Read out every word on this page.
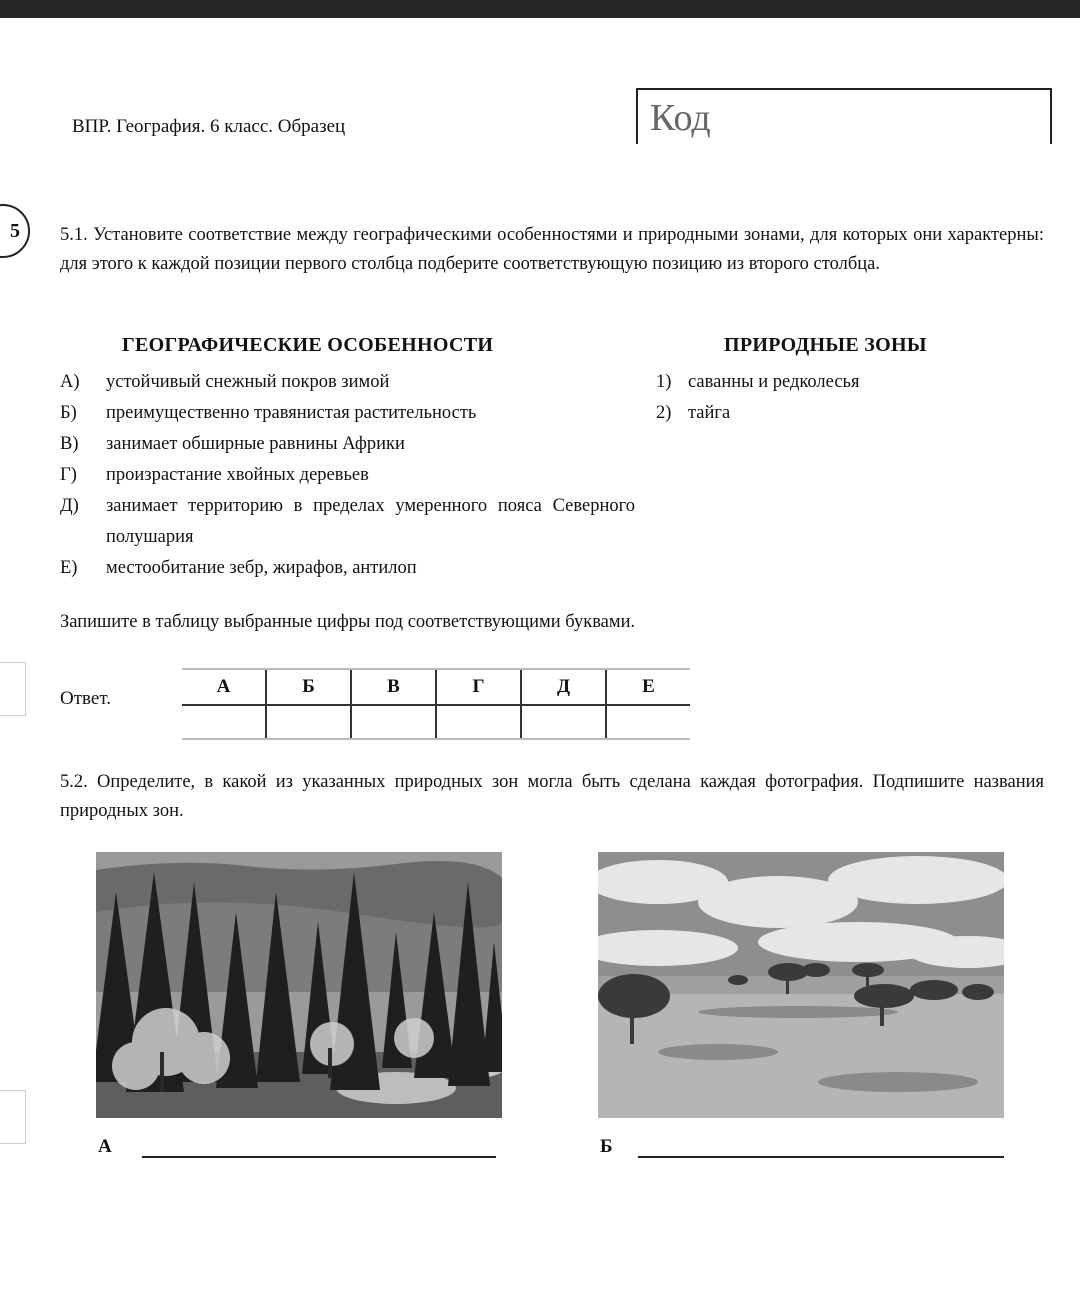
ВПР. География. 6 класс. Образец	Код
5	5.1. Установите соответствие между географическими особенностями и природными зонами, для которых они характерны: для этого к каждой позиции первого столбца подберите соответствующую позицию из второго столбца.
ГЕОГРАФИЧЕСКИЕ ОСОБЕННОСТИ	ПРИРОДНЫЕ ЗОНЫ
А)	устойчивый снежный покров зимой
Б)	преимущественно травянистая растительность
В)	занимает обширные равнины Африки
Г)	произрастание хвойных деревьев
Д)	занимает территорию в пределах умеренного пояса Северного полушария
Е)	местообитание зебр, жирафов, антилоп
1) саванны и редколесья
2) тайга
Запишите в таблицу выбранные цифры под соответствующими буквами.
Ответ.
А	Б	В	Г	Д	Е

5.2. Определите, в какой из указанных природных зон могла быть сделана каждая фотография. Подпишите названия природных зон.
А	Б
